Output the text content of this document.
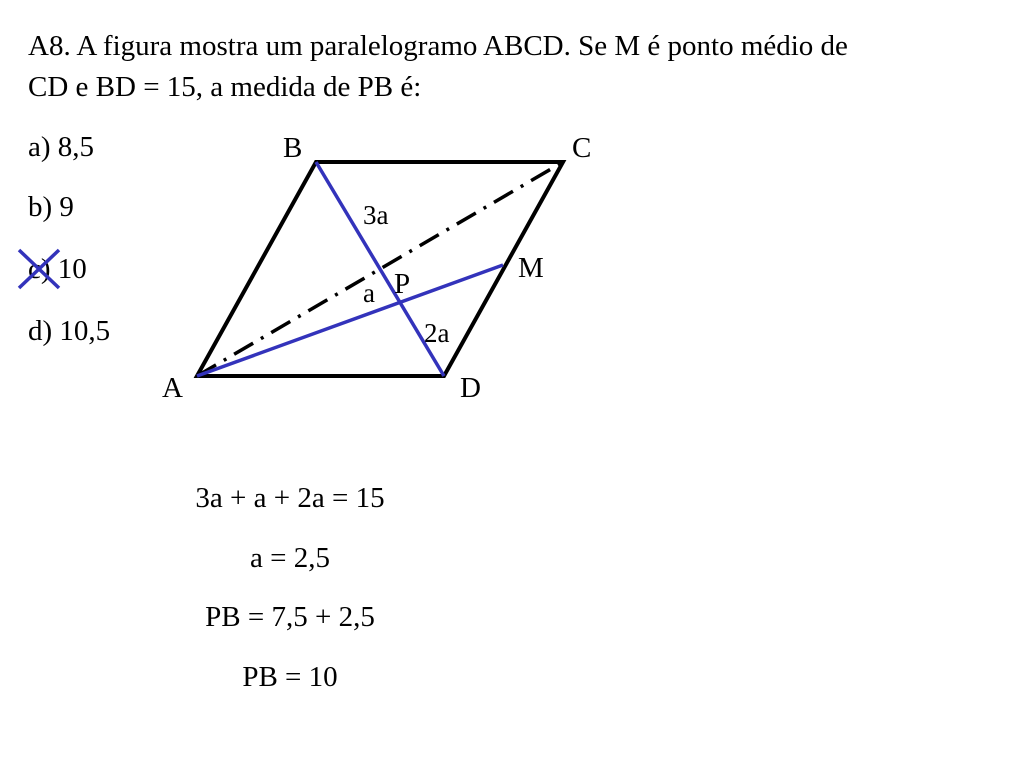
A8. A figura mostra um paralelogramo ABCD. Se M é ponto médio de
CD e BD = 15, a medida de PB é:

a) 8,5

b) 9

c) 10

d) 10,5

B	C
A	D
M
P
3a
a
2a

3a + a + 2a = 15

a = 2,5

PB = 7,5 + 2,5

PB = 10
